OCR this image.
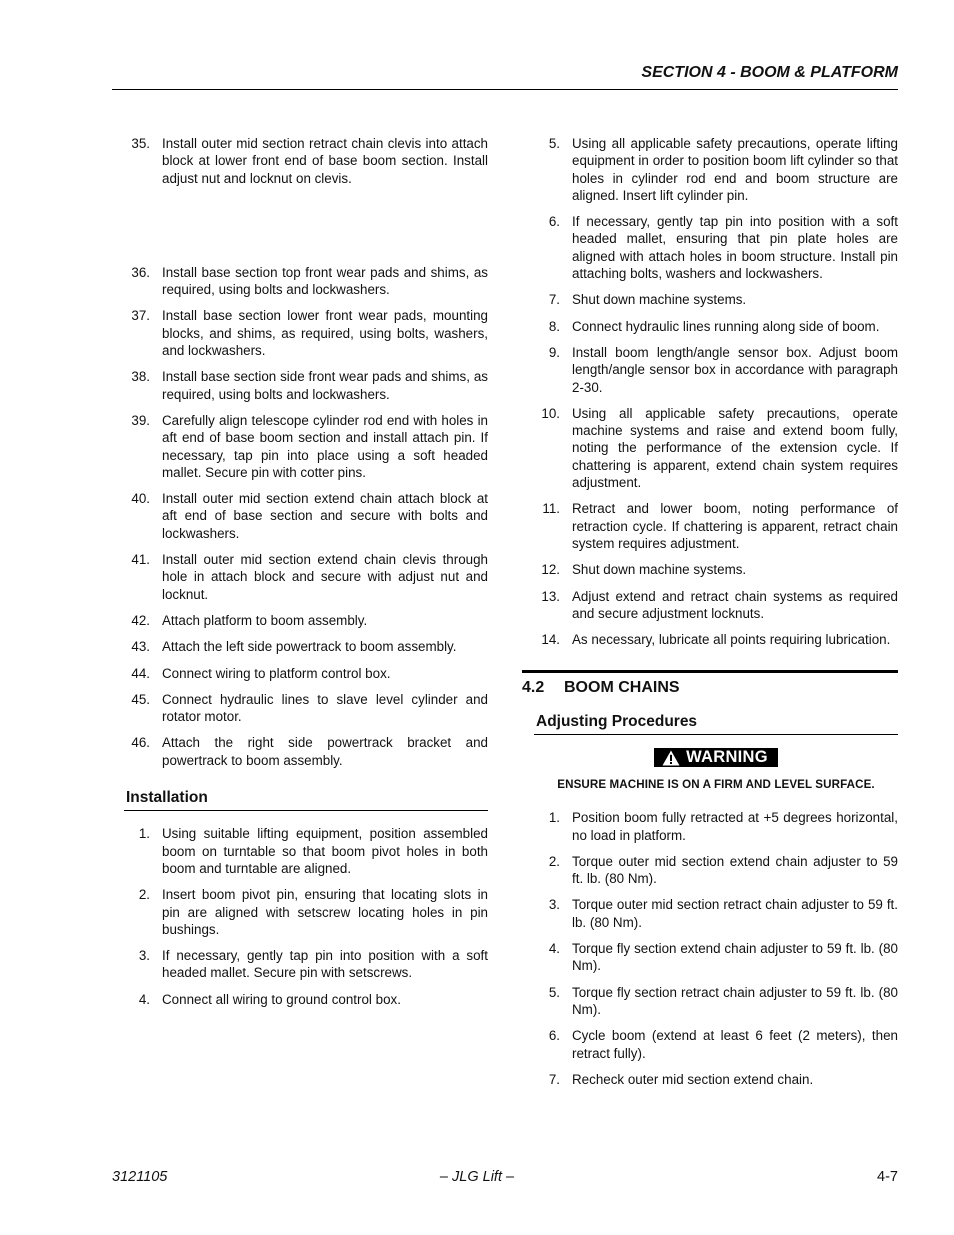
SECTION 4 - BOOM & PLATFORM
35. Install outer mid section retract chain clevis into attach block at lower front end of base boom section. Install adjust nut and locknut on clevis.
36. Install base section top front wear pads and shims, as required, using bolts and lockwashers.
37. Install base section lower front wear pads, mounting blocks, and shims, as required, using bolts, washers, and lockwashers.
38. Install base section side front wear pads and shims, as required, using bolts and lockwashers.
39. Carefully align telescope cylinder rod end with holes in aft end of base boom section and install attach pin. If necessary, tap pin into place using a soft headed mallet. Secure pin with cotter pins.
40. Install outer mid section extend chain attach block at aft end of base section and secure with bolts and lockwashers.
41. Install outer mid section extend chain clevis through hole in attach block and secure with adjust nut and locknut.
42. Attach platform to boom assembly.
43. Attach the left side powertrack to boom assembly.
44. Connect wiring to platform control box.
45. Connect hydraulic lines to slave level cylinder and rotator motor.
46. Attach the right side powertrack bracket and powertrack to boom assembly.
Installation
1. Using suitable lifting equipment, position assembled boom on turntable so that boom pivot holes in both boom and turntable are aligned.
2. Insert boom pivot pin, ensuring that locating slots in pin are aligned with setscrew locating holes in pin bushings.
3. If necessary, gently tap pin into position with a soft headed mallet. Secure pin with setscrews.
4. Connect all wiring to ground control box.
5. Using all applicable safety precautions, operate lifting equipment in order to position boom lift cylinder so that holes in cylinder rod end and boom structure are aligned. Insert lift cylinder pin.
6. If necessary, gently tap pin into position with a soft headed mallet, ensuring that pin plate holes are aligned with attach holes in boom structure. Install pin attaching bolts, washers and lockwashers.
7. Shut down machine systems.
8. Connect hydraulic lines running along side of boom.
9. Install boom length/angle sensor box. Adjust boom length/angle sensor box in accordance with paragraph 2-30.
10. Using all applicable safety precautions, operate machine systems and raise and extend boom fully, noting the performance of the extension cycle. If chattering is apparent, extend chain system requires adjustment.
11. Retract and lower boom, noting performance of retraction cycle. If chattering is apparent, retract chain system requires adjustment.
12. Shut down machine systems.
13. Adjust extend and retract chain systems as required and secure adjustment locknuts.
14. As necessary, lubricate all points requiring lubrication.
4.2 BOOM CHAINS
Adjusting Procedures
WARNING
ENSURE MACHINE IS ON A FIRM AND LEVEL SURFACE.
1. Position boom fully retracted at +5 degrees horizontal, no load in platform.
2. Torque outer mid section extend chain adjuster to 59 ft. lb. (80 Nm).
3. Torque outer mid section retract chain adjuster to 59 ft. lb. (80 Nm).
4. Torque fly section extend chain adjuster to 59 ft. lb. (80 Nm).
5. Torque fly section retract chain adjuster to 59 ft. lb. (80 Nm).
6. Cycle boom (extend at least 6 feet (2 meters), then retract fully).
7. Recheck outer mid section extend chain.
3121105	– JLG Lift –	4-7
